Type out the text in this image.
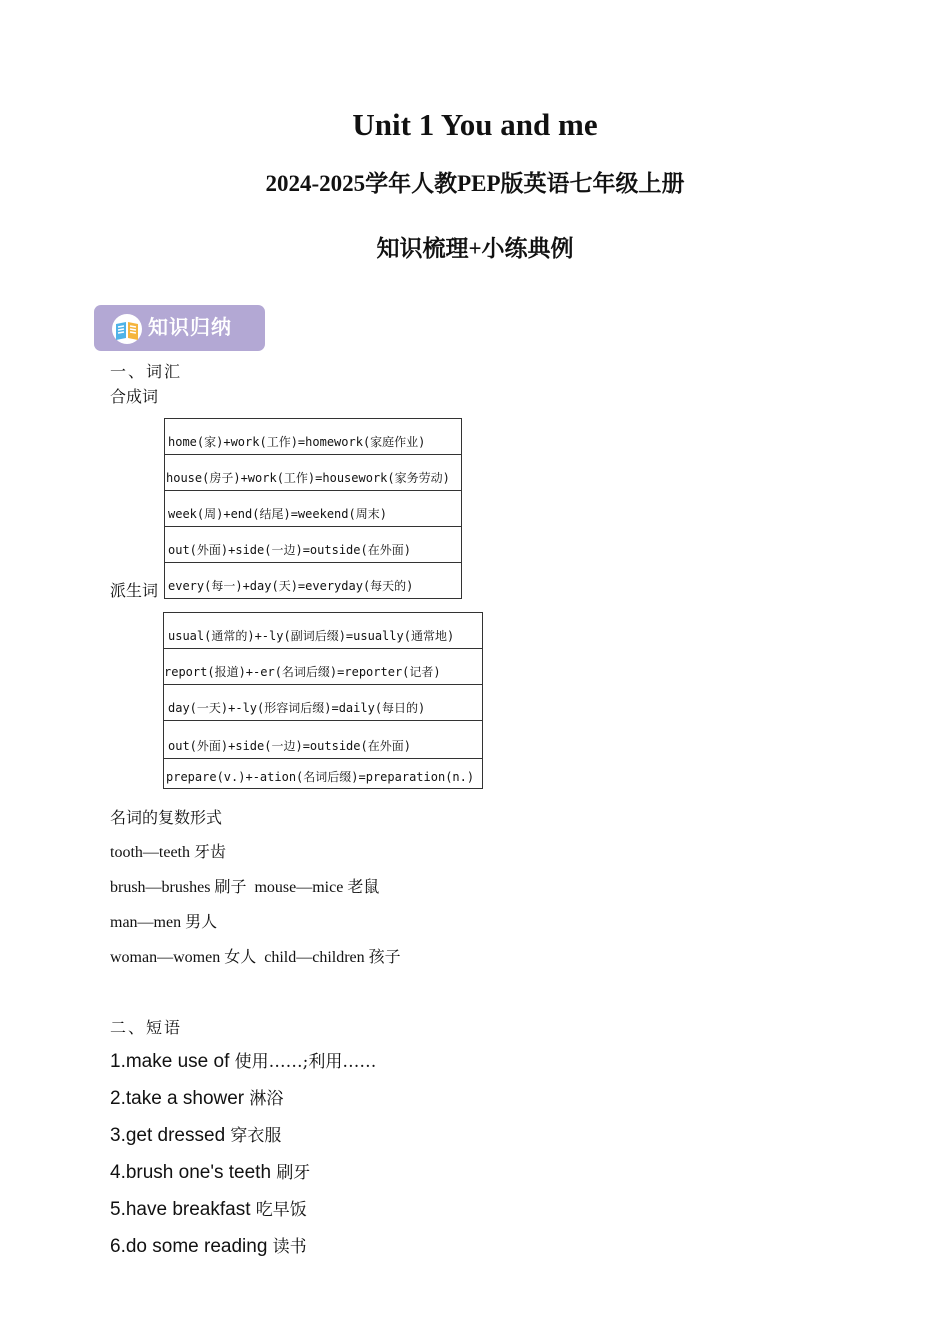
Unit 1 You and me
2024-2025学年人教PEP版英语七年级上册
知识梳理+小练典例
知识归纳
一、词汇
合成词
home(家)+work(工作)=homework(家庭作业)
house(房子)+work(工作)=housework(家务劳动)
week(周)+end(结尾)=weekend(周末)
out(外面)+side(一边)=outside(在外面)
every(每一)+day(天)=everyday(每天的)
派生词
usual(通常的)+-ly(副词后缀)=usually(通常地)
report(报道)+-er(名词后缀)=reporter(记者)
day(一天)+-ly(形容词后缀)=daily(每日的)
out(外面)+side(一边)=outside(在外面)
prepare(v.)+-ation(名词后缀)=preparation(n.)
名词的复数形式
tooth—teeth 牙齿
brush—brushes 刷子 mouse—mice 老鼠
man—men 男人
woman—women 女人 child—children 孩子
二、短语
1.make use of 使用……;利用……
2.take a shower 淋浴
3.get dressed 穿衣服
4.brush one's teeth 刷牙
5.have breakfast 吃早饭
6.do some reading 读书
